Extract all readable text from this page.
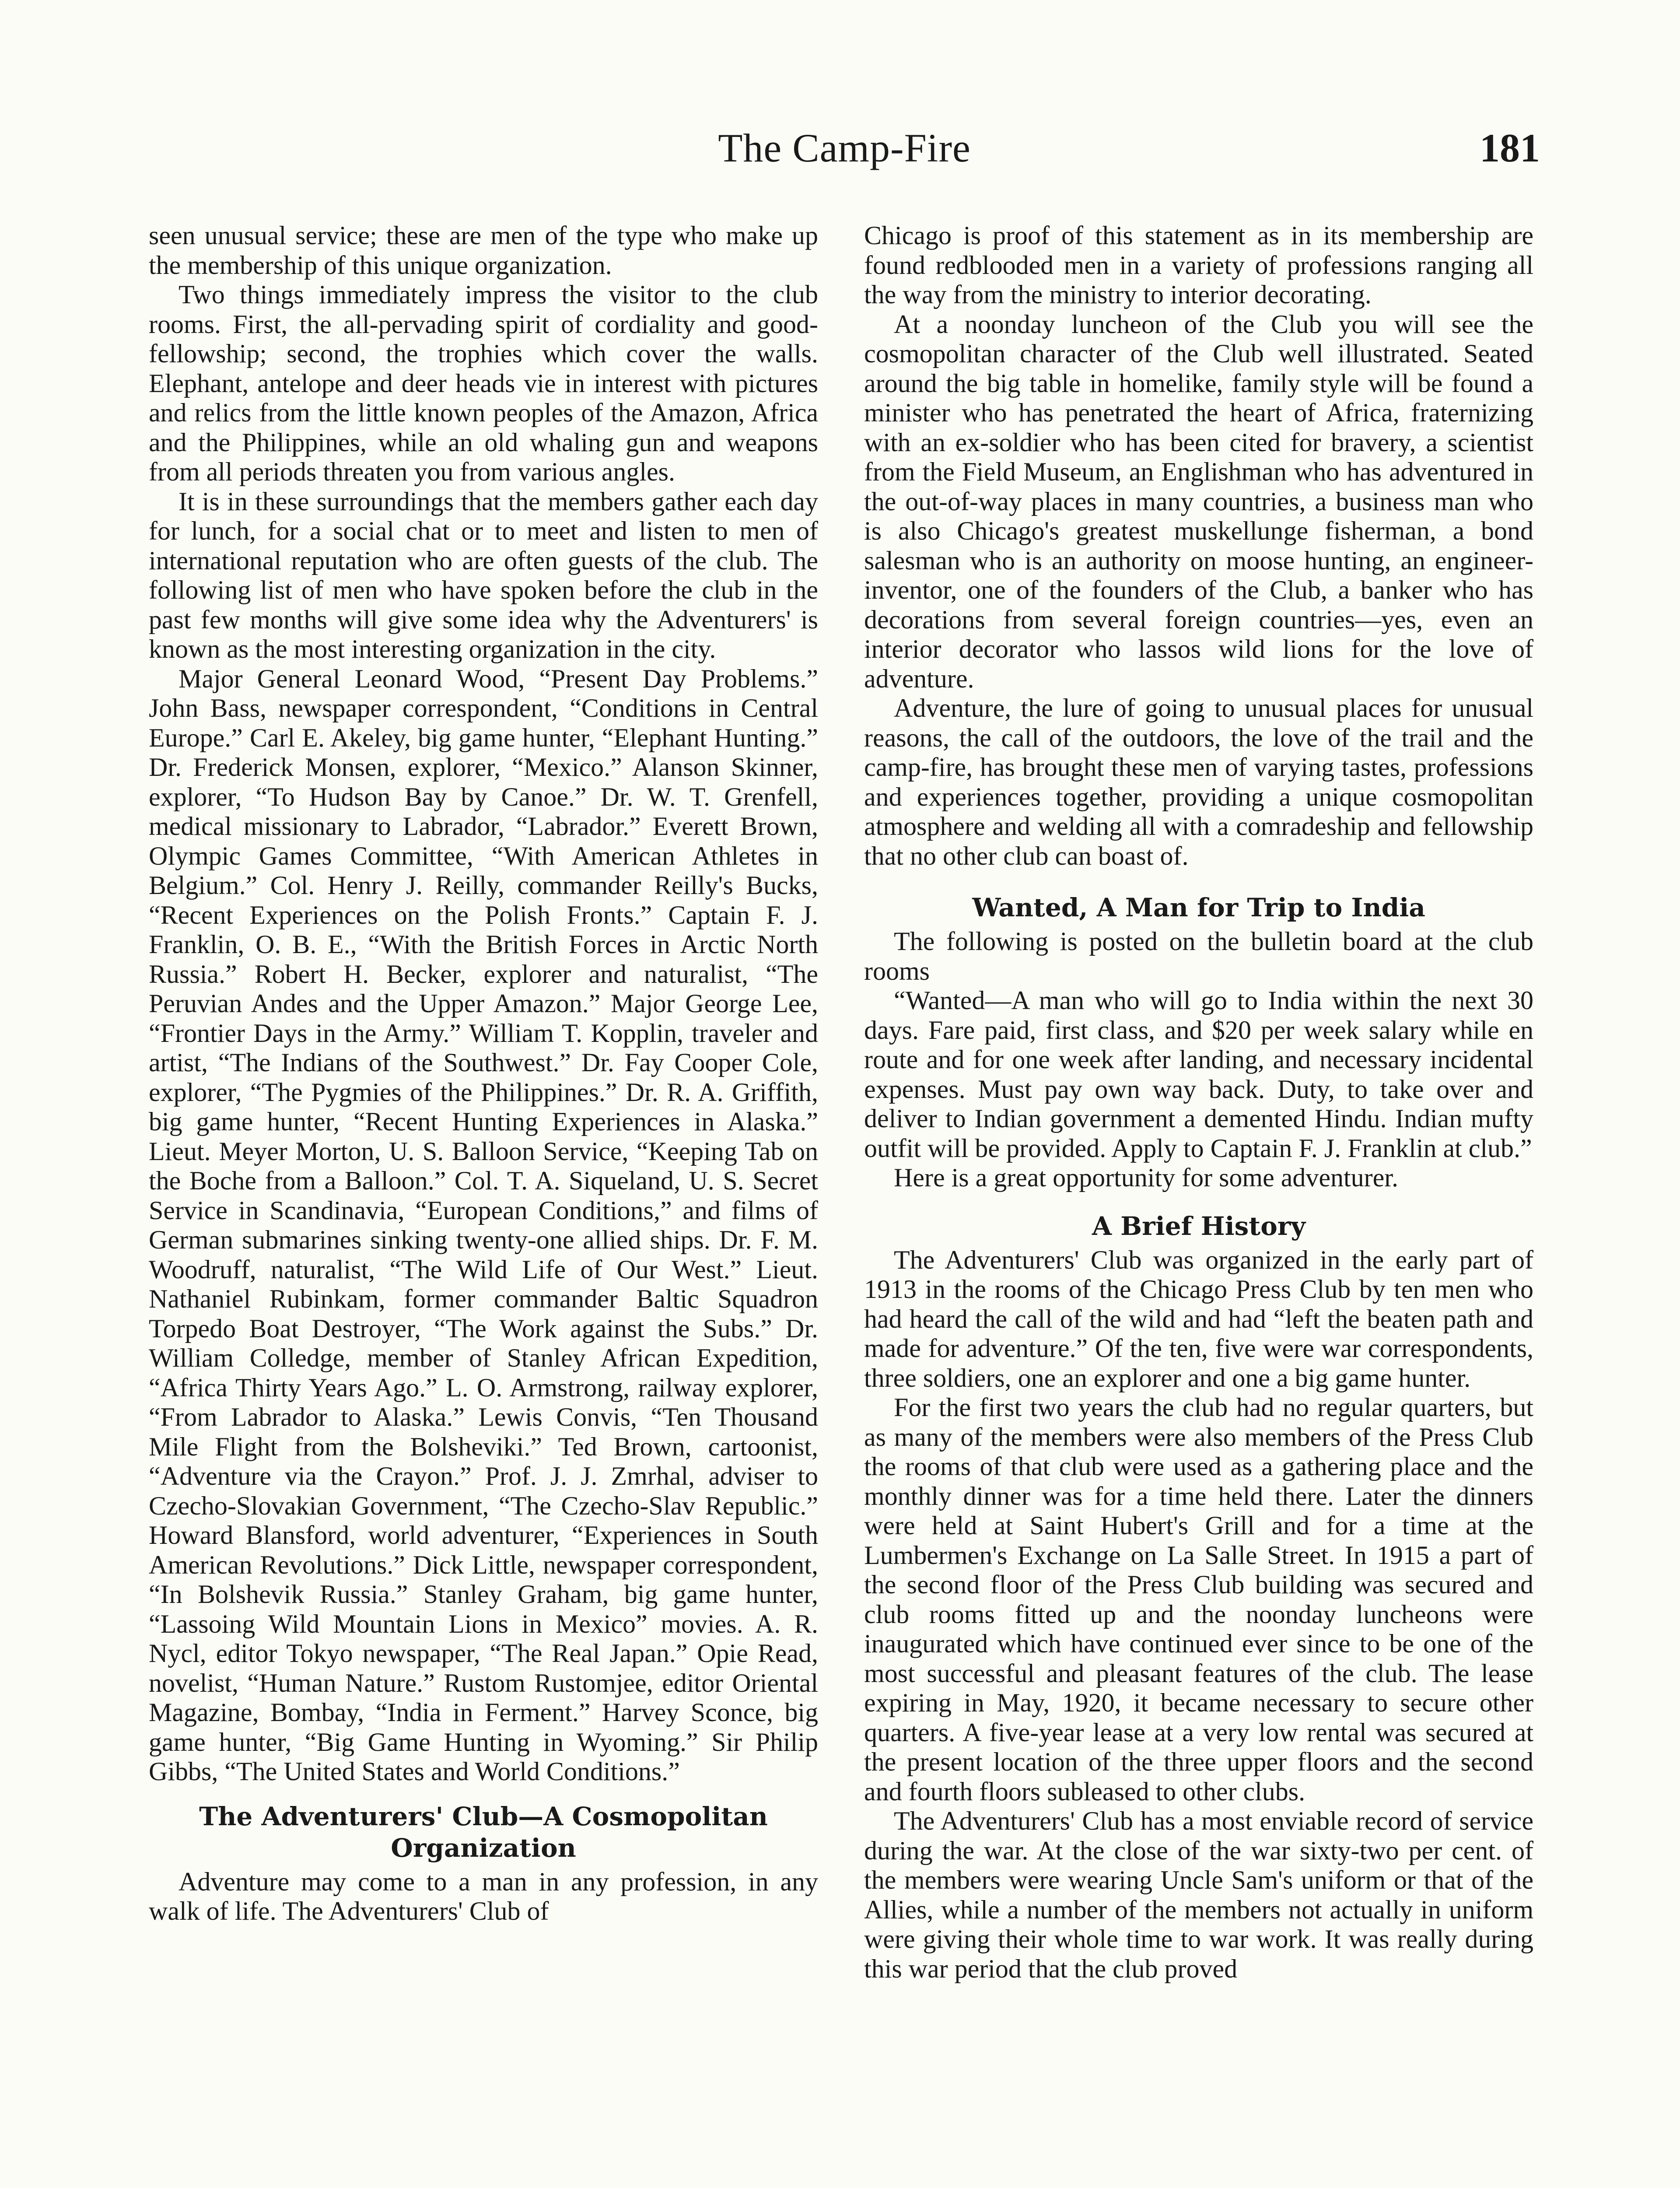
The Camp-Fire	181

seen unusual service; these are men of the type who make up the membership of this unique organization.

Two things immediately impress the visitor to the club rooms. First, the all-pervading spirit of cordiality and good-fellowship; second, the trophies which cover the walls. Elephant, antelope and deer heads vie in interest with pictures and relics from the little known peoples of the Amazon, Africa and the Philippines, while an old whaling gun and weapons from all periods threaten you from various angles.

It is in these surroundings that the members gather each day for lunch, for a social chat or to meet and listen to men of international reputation who are often guests of the club. The following list of men who have spoken before the club in the past few months will give some idea why the Adventurers' is known as the most interesting organization in the city.

Major General Leonard Wood, “Present Day Problems.” John Bass, newspaper correspondent, “Conditions in Central Europe.” Carl E. Akeley, big game hunter, “Elephant Hunting.” Dr. Frederick Monsen, explorer, “Mexico.” Alanson Skinner, explorer, “To Hudson Bay by Canoe.” Dr. W. T. Grenfell, medical missionary to Labrador, “Labrador.” Everett Brown, Olympic Games Committee, “With American Athletes in Belgium.” Col. Henry J. Reilly, commander Reilly's Bucks, “Recent Experiences on the Polish Fronts.” Captain F. J. Franklin, O. B. E., “With the British Forces in Arctic North Russia.” Robert H. Becker, explorer and naturalist, “The Peruvian Andes and the Upper Amazon.” Major George Lee, “Frontier Days in the Army.” William T. Kopplin, traveler and artist, “The Indians of the Southwest.” Dr. Fay Cooper Cole, explorer, “The Pygmies of the Philippines.” Dr. R. A. Griffith, big game hunter, “Recent Hunting Experiences in Alaska.” Lieut. Meyer Morton, U. S. Balloon Service, “Keeping Tab on the Boche from a Balloon.” Col. T. A. Siqueland, U. S. Secret Service in Scandinavia, “European Conditions,” and films of German submarines sinking twenty-one allied ships. Dr. F. M. Woodruff, naturalist, “The Wild Life of Our West.” Lieut. Nathaniel Rubinkam, former commander Baltic Squadron Torpedo Boat Destroyer, “The Work against the Subs.” Dr. William Colledge, member of Stanley African Expedition, “Africa Thirty Years Ago.” L. O. Armstrong, railway explorer, “From Labrador to Alaska.” Lewis Convis, “Ten Thousand Mile Flight from the Bolsheviki.” Ted Brown, cartoonist, “Adventure via the Crayon.” Prof. J. J. Zmrhal, adviser to Czecho-Slovakian Government, “The Czecho-Slav Republic.” Howard Blansford, world adventurer, “Experiences in South American Revolutions.” Dick Little, newspaper correspondent, “In Bolshevik Russia.” Stanley Graham, big game hunter, “Lassoing Wild Mountain Lions in Mexico” movies. A. R. Nycl, editor Tokyo newspaper, “The Real Japan.” Opie Read, novelist, “Human Nature.” Rustom Rustomjee, editor Oriental Magazine, Bombay, “India in Ferment.” Harvey Sconce, big game hunter, “Big Game Hunting in Wyoming.” Sir Philip Gibbs, “The United States and World Conditions.”

The Adventurers' Club—A Cosmopolitan Organization

Adventure may come to a man in any profession, in any walk of life. The Adventurers' Club of

Chicago is proof of this statement as in its membership are found redblooded men in a variety of professions ranging all the way from the ministry to interior decorating.

At a noonday luncheon of the Club you will see the cosmopolitan character of the Club well illustrated. Seated around the big table in homelike, family style will be found a minister who has penetrated the heart of Africa, fraternizing with an ex-soldier who has been cited for bravery, a scientist from the Field Museum, an Englishman who has adventured in the out-of-way places in many countries, a business man who is also Chicago's greatest muskellunge fisherman, a bond salesman who is an authority on moose hunting, an engineer-inventor, one of the founders of the Club, a banker who has decorations from several foreign countries—yes, even an interior decorator who lassos wild lions for the love of adventure.

Adventure, the lure of going to unusual places for unusual reasons, the call of the outdoors, the love of the trail and the camp-fire, has brought these men of varying tastes, professions and experiences together, providing a unique cosmopolitan atmosphere and welding all with a comradeship and fellowship that no other club can boast of.

Wanted, A Man for Trip to India

The following is posted on the bulletin board at the club rooms

“Wanted—A man who will go to India within the next 30 days. Fare paid, first class, and $20 per week salary while en route and for one week after landing, and necessary incidental expenses. Must pay own way back. Duty, to take over and deliver to Indian government a demented Hindu. Indian mufty outfit will be provided. Apply to Captain F. J. Franklin at club.”

Here is a great opportunity for some adventurer.

A Brief History

The Adventurers' Club was organized in the early part of 1913 in the rooms of the Chicago Press Club by ten men who had heard the call of the wild and had “left the beaten path and made for adventure.” Of the ten, five were war correspondents, three soldiers, one an explorer and one a big game hunter.

For the first two years the club had no regular quarters, but as many of the members were also members of the Press Club the rooms of that club were used as a gathering place and the monthly dinner was for a time held there. Later the dinners were held at Saint Hubert's Grill and for a time at the Lumbermen's Exchange on La Salle Street. In 1915 a part of the second floor of the Press Club building was secured and club rooms fitted up and the noonday luncheons were inaugurated which have continued ever since to be one of the most successful and pleasant features of the club. The lease expiring in May, 1920, it became necessary to secure other quarters. A five-year lease at a very low rental was secured at the present location of the three upper floors and the second and fourth floors subleased to other clubs.

The Adventurers' Club has a most enviable record of service during the war. At the close of the war sixty-two per cent. of the members were wearing Uncle Sam's uniform or that of the Allies, while a number of the members not actually in uniform were giving their whole time to war work. It was really during this war period that the club proved
